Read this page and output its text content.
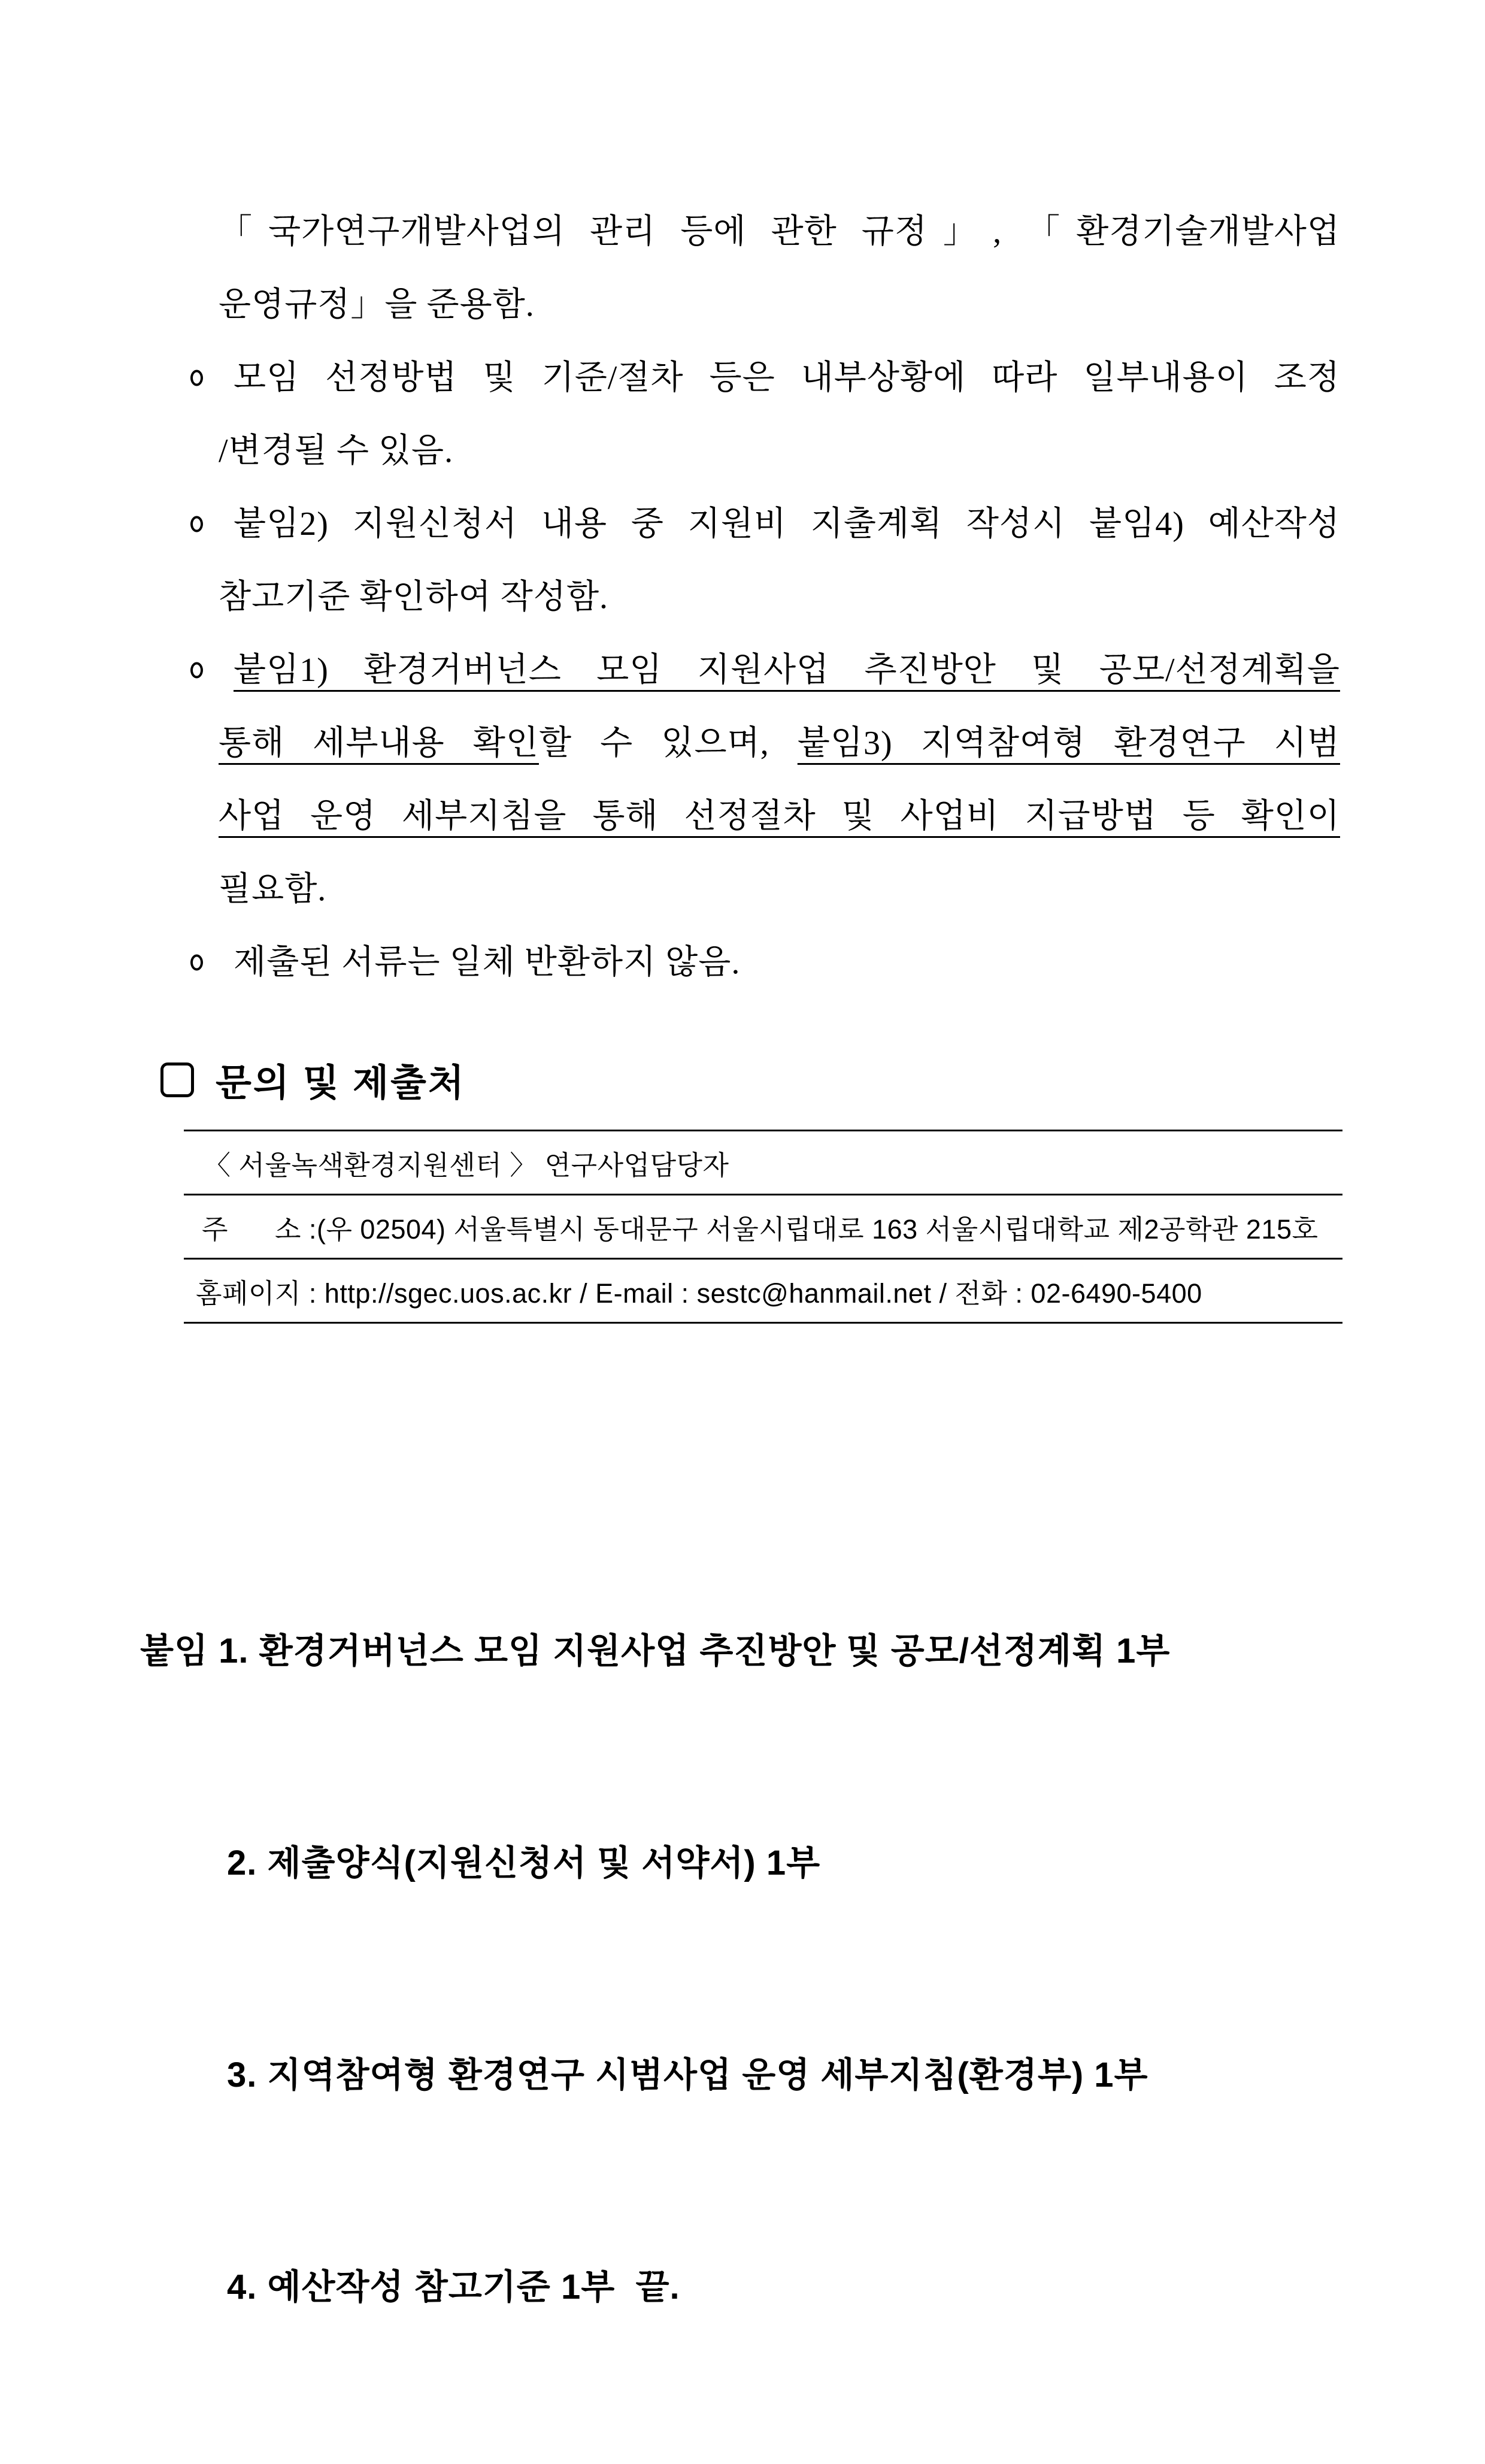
「국가연구개발사업의 관리 등에 관한 규정」, 「환경기술개발사업
운영규정」을 준용함.
모임 선정방법 및 기준/절차 등은 내부상황에 따라 일부내용이 조정
/변경될 수 있음.
붙임2) 지원신청서 내용 중 지원비 지출계획 작성시 붙임4) 예산작성
참고기준 확인하여 작성함.
붙임1) 환경거버넌스 모임 지원사업 추진방안 및 공모/선정계획을
통해 세부내용 확인할 수 있으며, 붙임3) 지역참여형 환경연구 시범
사업 운영 세부지침을 통해 선정절차 및 사업비 지급방법 등 확인이
필요함.
제출된 서류는 일체 반환하지 않음.
문의 및 제출처
〈 서울녹색환경지원센터 〉 연구사업담당자
주      소 :(우 02504) 서울특별시 동대문구 서울시립대로 163 서울시립대학교 제2공학관 215호
홈페이지 : http://sgec.uos.ac.kr / E-mail : sestc@hanmail.net / 전화 : 02-6490-5400

붙임 1. 환경거버넌스 모임 지원사업 추진방안 및 공모/선정계획 1부

2. 제출양식(지원신청서 및 서약서) 1부

3. 지역참여형 환경연구 시범사업 운영 세부지침(환경부) 1부

4. 예산작성 참고기준 1부  끝.
